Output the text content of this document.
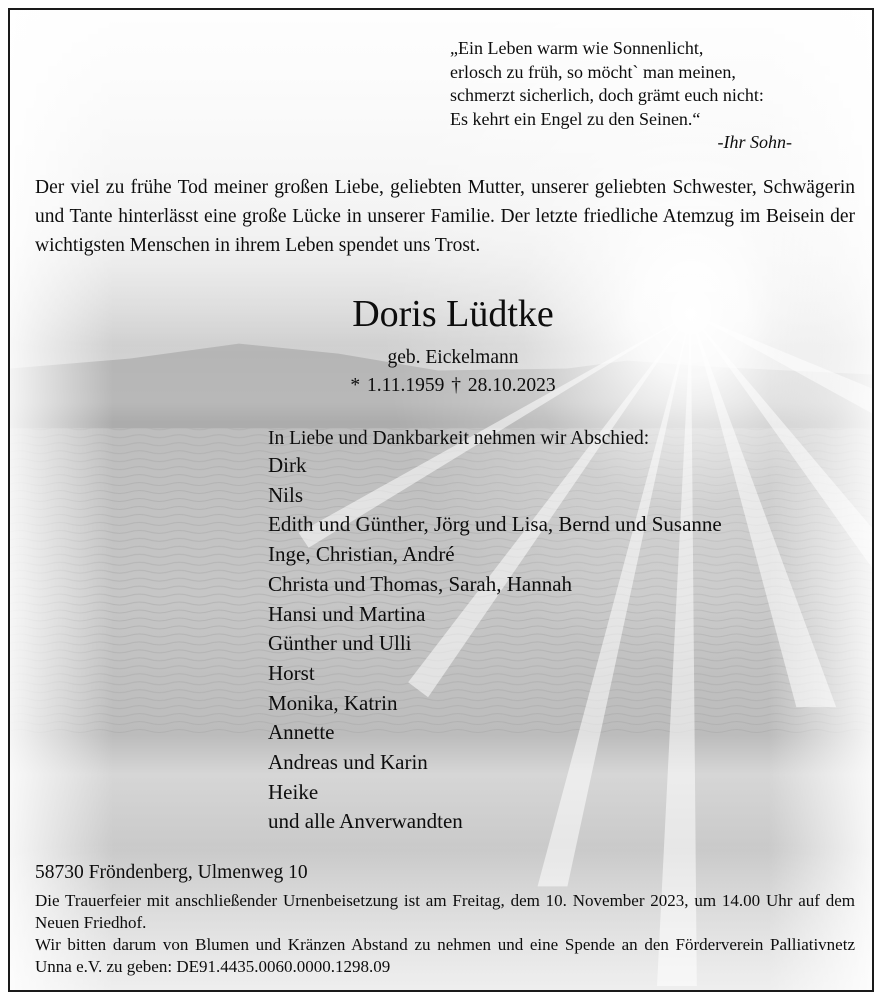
„Ein Leben warm wie Sonnenlicht,
erlosch zu früh, so möcht` man meinen,
schmerzt sicherlich, doch grämt euch nicht:
Es kehrt ein Engel zu den Seinen.“
-Ihr Sohn-
Der viel zu frühe Tod meiner großen Liebe, geliebten Mutter, unserer geliebten Schwester, Schwägerin und Tante hinterlässt eine große Lücke in unserer Familie. Der letzte friedliche Atemzug im Beisein der wichtigsten Menschen in ihrem Leben spendet uns Trost.
Doris Lüdtke
geb. Eickelmann
* 1.11.1959 † 28.10.2023
In Liebe und Dankbarkeit nehmen wir Abschied:
Dirk
Nils
Edith und Günther, Jörg und Lisa, Bernd und Susanne
Inge, Christian, André
Christa und Thomas, Sarah, Hannah
Hansi und Martina
Günther und Ulli
Horst
Monika, Katrin
Annette
Andreas und Karin
Heike
und alle Anverwandten
58730 Fröndenberg, Ulmenweg 10
Die Trauerfeier mit anschließender Urnenbeisetzung ist am Freitag, dem 10. November 2023, um 14.00 Uhr auf dem Neuen Friedhof.
Wir bitten darum von Blumen und Kränzen Abstand zu nehmen und eine Spende an den Förderverein Palliativnetz Unna e.V. zu geben: DE91.4435.0060.0000.1298.09
